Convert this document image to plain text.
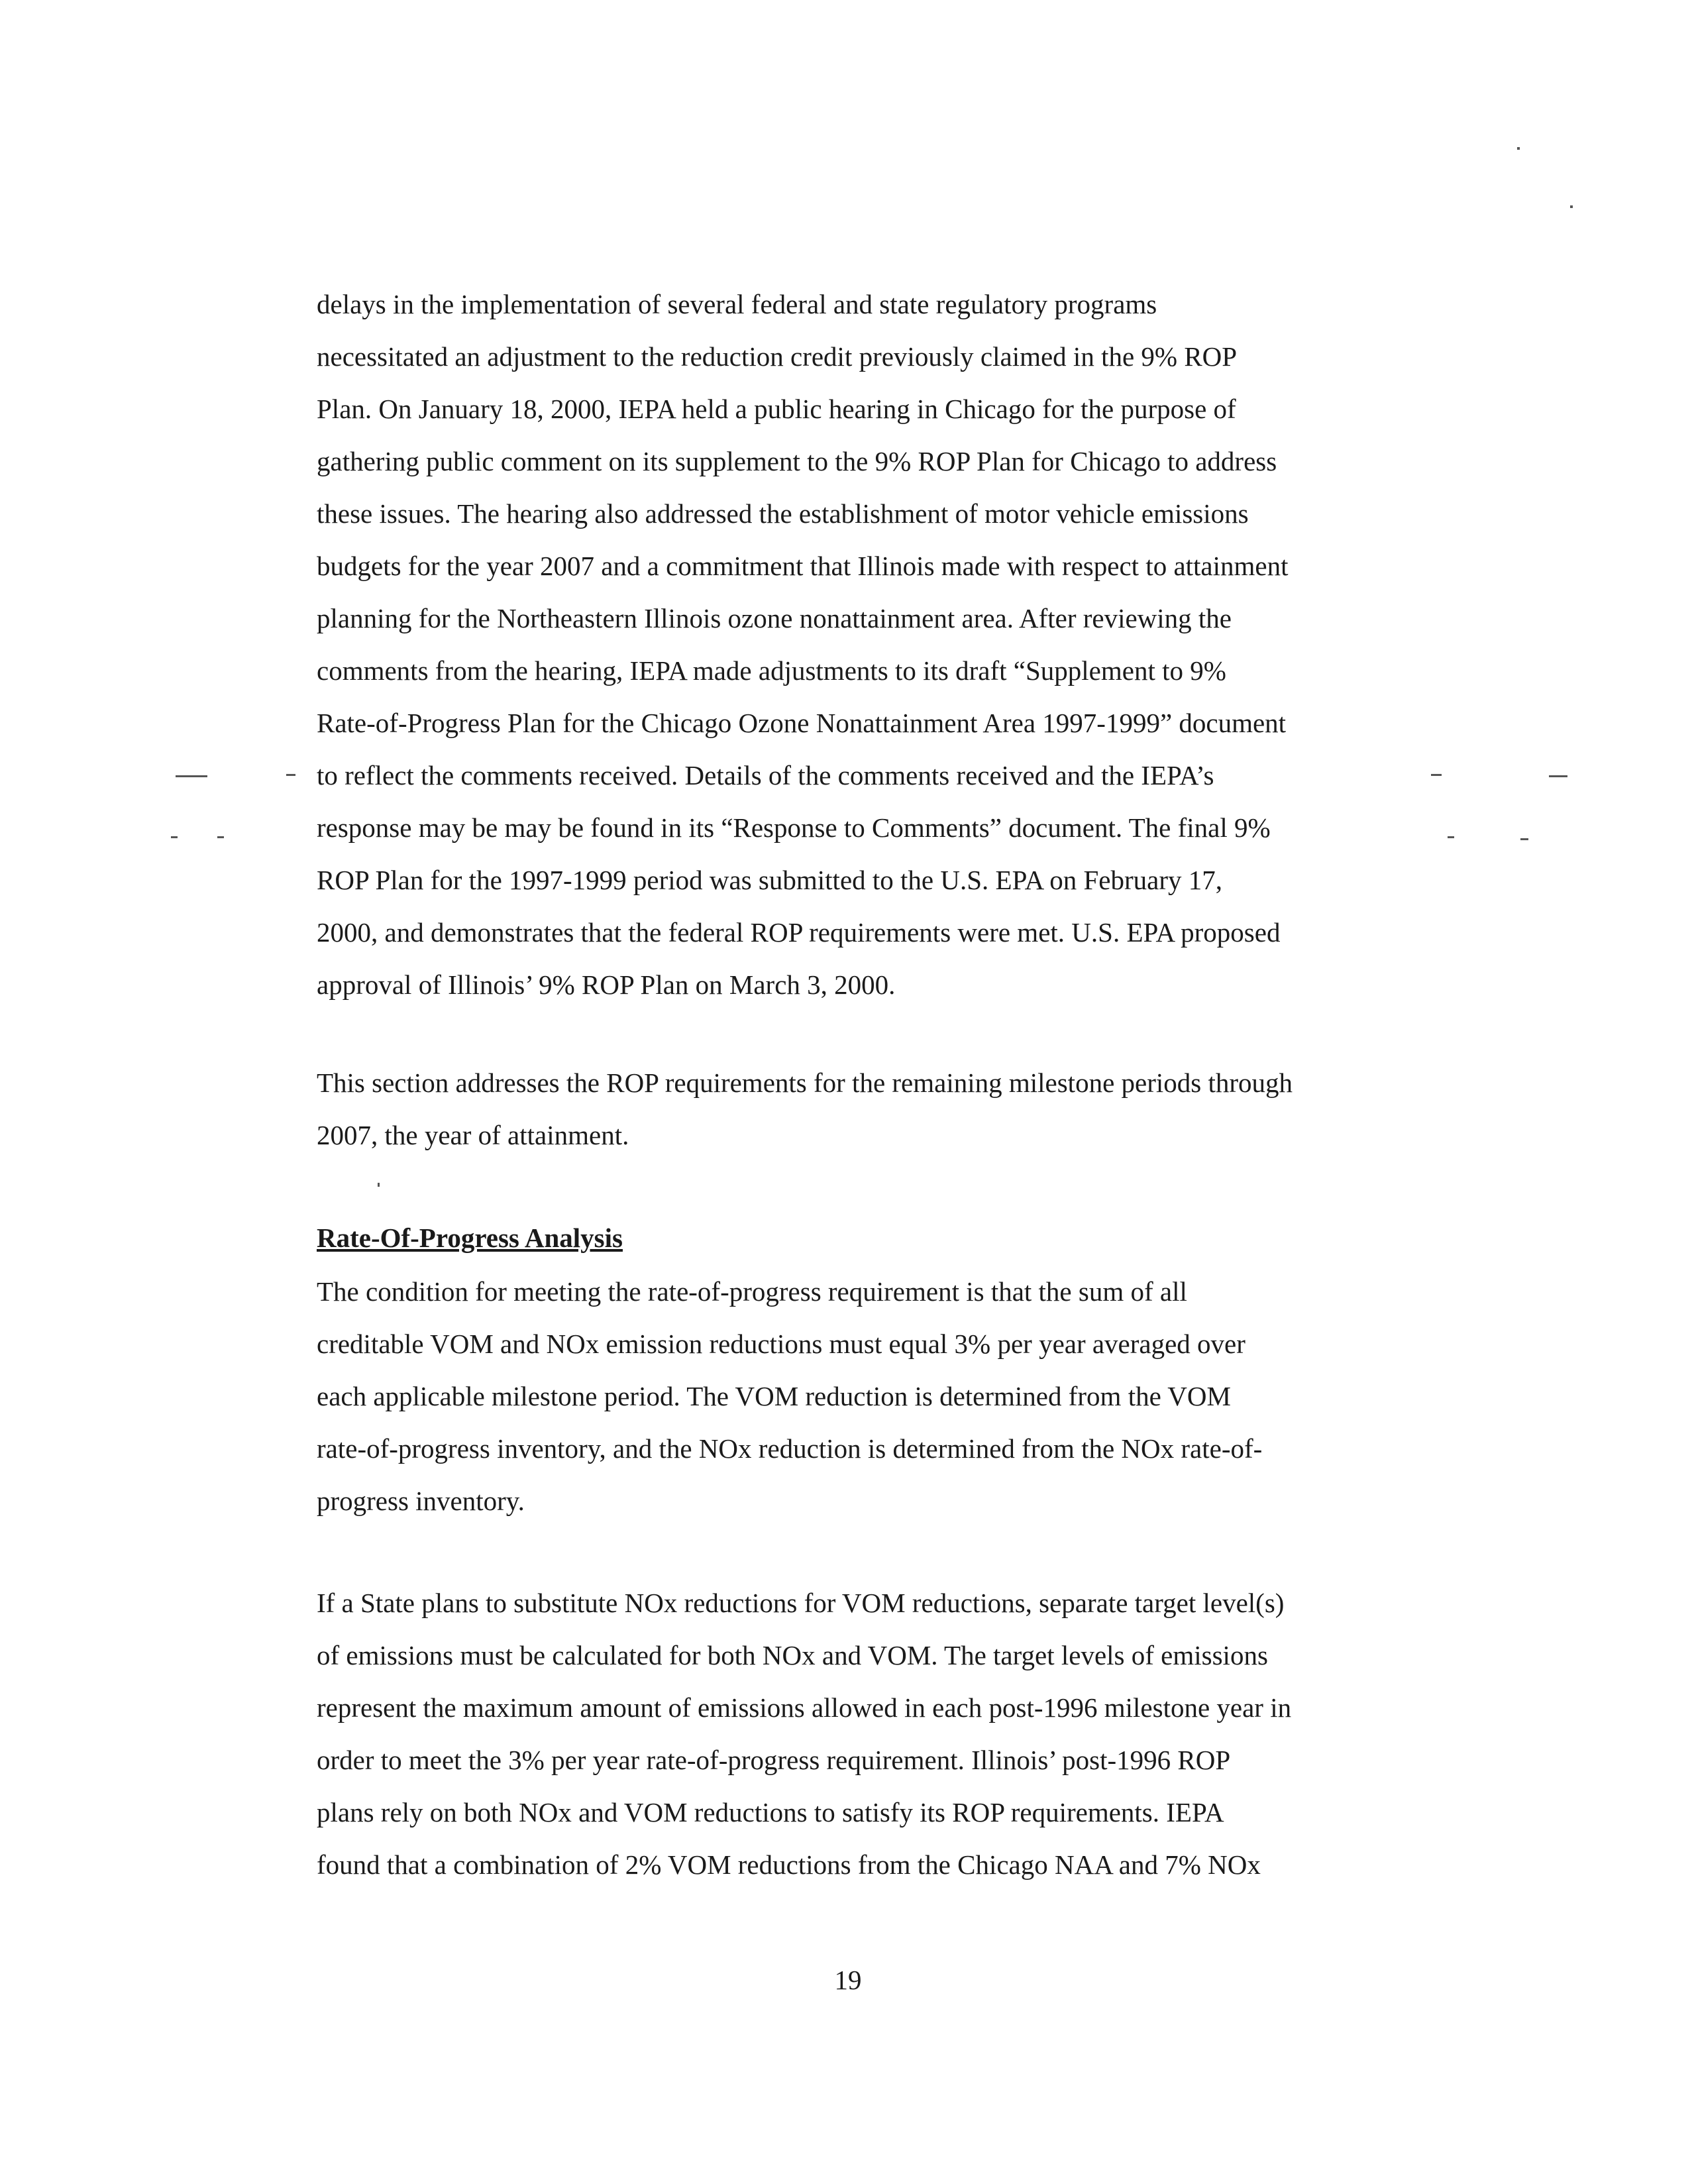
delays in the implementation of several federal and state regulatory programs
necessitated an adjustment to the reduction credit previously claimed in the 9% ROP
Plan. On January 18, 2000, IEPA held a public hearing in Chicago for the purpose of
gathering public comment on its supplement to the 9% ROP Plan for Chicago to address
these issues. The hearing also addressed the establishment of motor vehicle emissions
budgets for the year 2007 and a commitment that Illinois made with respect to attainment
planning for the Northeastern Illinois ozone nonattainment area. After reviewing the
comments from the hearing, IEPA made adjustments to its draft “Supplement to 9%
Rate-of-Progress Plan for the Chicago Ozone Nonattainment Area 1997-1999” document
to reflect the comments received. Details of the comments received and the IEPA’s
response may be may be found in its “Response to Comments” document. The final 9%
ROP Plan for the 1997-1999 period was submitted to the U.S. EPA on February 17,
2000, and demonstrates that the federal ROP requirements were met. U.S. EPA proposed
approval of Illinois’ 9% ROP Plan on March 3, 2000.
This section addresses the ROP requirements for the remaining milestone periods through
2007, the year of attainment.
Rate-Of-Progress Analysis
The condition for meeting the rate-of-progress requirement is that the sum of all
creditable VOM and NOx emission reductions must equal 3% per year averaged over
each applicable milestone period. The VOM reduction is determined from the VOM
rate-of-progress inventory, and the NOx reduction is determined from the NOx rate-of-
progress inventory.
If a State plans to substitute NOx reductions for VOM reductions, separate target level(s)
of emissions must be calculated for both NOx and VOM. The target levels of emissions
represent the maximum amount of emissions allowed in each post-1996 milestone year in
order to meet the 3% per year rate-of-progress requirement. Illinois’ post-1996 ROP
plans rely on both NOx and VOM reductions to satisfy its ROP requirements. IEPA
found that a combination of 2% VOM reductions from the Chicago NAA and 7% NOx
19
